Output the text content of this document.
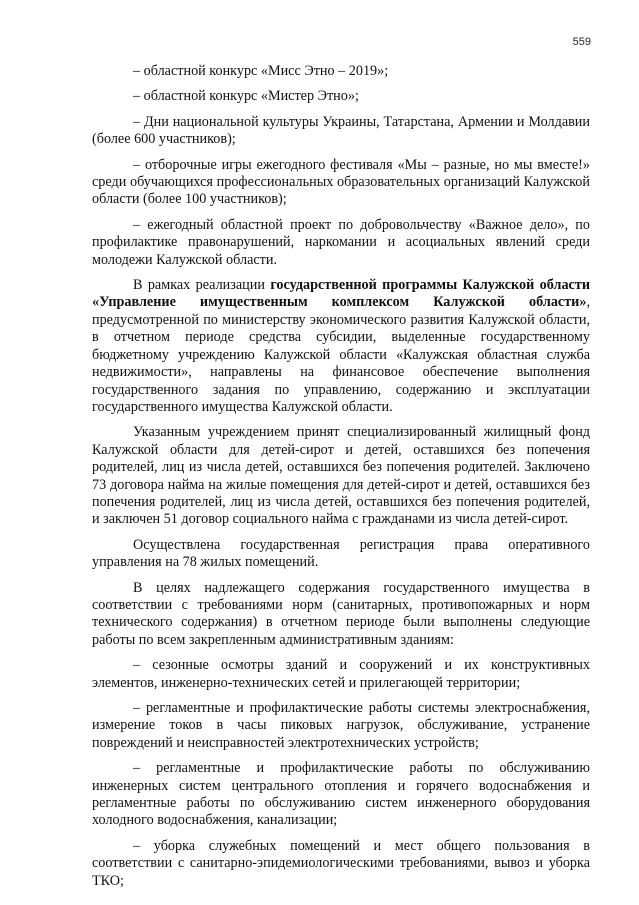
559

– областной конкурс «Мисс Этно – 2019»;

– областной конкурс «Мистер Этно»;

– Дни национальной культуры Украины, Татарстана, Армении и Молдавии (более 600 участников);

– отборочные игры ежегодного фестиваля «Мы – разные, но мы вместе!» среди обучающихся профессиональных образовательных организаций Калужской области (более 100 участников);

– ежегодный областной проект по добровольчеству «Важное дело», по профилактике правонарушений, наркомании и асоциальных явлений среди молодежи Калужской области.

В рамках реализации государственной программы Калужской области «Управление имущественным комплексом Калужской области», предусмотренной по министерству экономического развития Калужской области, в отчетном периоде средства субсидии, выделенные государственному бюджетному учреждению Калужской области «Калужская областная служба недвижимости», направлены на финансовое обеспечение выполнения государственного задания по управлению, содержанию и эксплуатации государственного имущества Калужской области.

Указанным учреждением принят специализированный жилищный фонд Калужской области для детей-сирот и детей, оставшихся без попечения родителей, лиц из числа детей, оставшихся без попечения родителей. Заключено 73 договора найма на жилые помещения для детей-сирот и детей, оставшихся без попечения родителей, лиц из числа детей, оставшихся без попечения родителей, и заключен 51 договор социального найма с гражданами из числа детей-сирот.

Осуществлена государственная регистрация права оперативного управления на 78 жилых помещений.

В целях надлежащего содержания государственного имущества в соответствии с требованиями норм (санитарных, противопожарных и норм технического содержания) в отчетном периоде были выполнены следующие работы по всем закрепленным административным зданиям:

– сезонные осмотры зданий и сооружений и их конструктивных элементов, инженерно-технических сетей и прилегающей территории;

– регламентные и профилактические работы системы электроснабжения, измерение токов в часы пиковых нагрузок, обслуживание, устранение повреждений и неисправностей электротехнических устройств;

– регламентные и профилактические работы по обслуживанию инженерных систем центрального отопления и горячего водоснабжения и регламентные работы по обслуживанию систем инженерного оборудования холодного водоснабжения, канализации;

– уборка служебных помещений и мест общего пользования в соответствии с санитарно-эпидемиологическими требованиями, вывоз и уборка ТКО;
